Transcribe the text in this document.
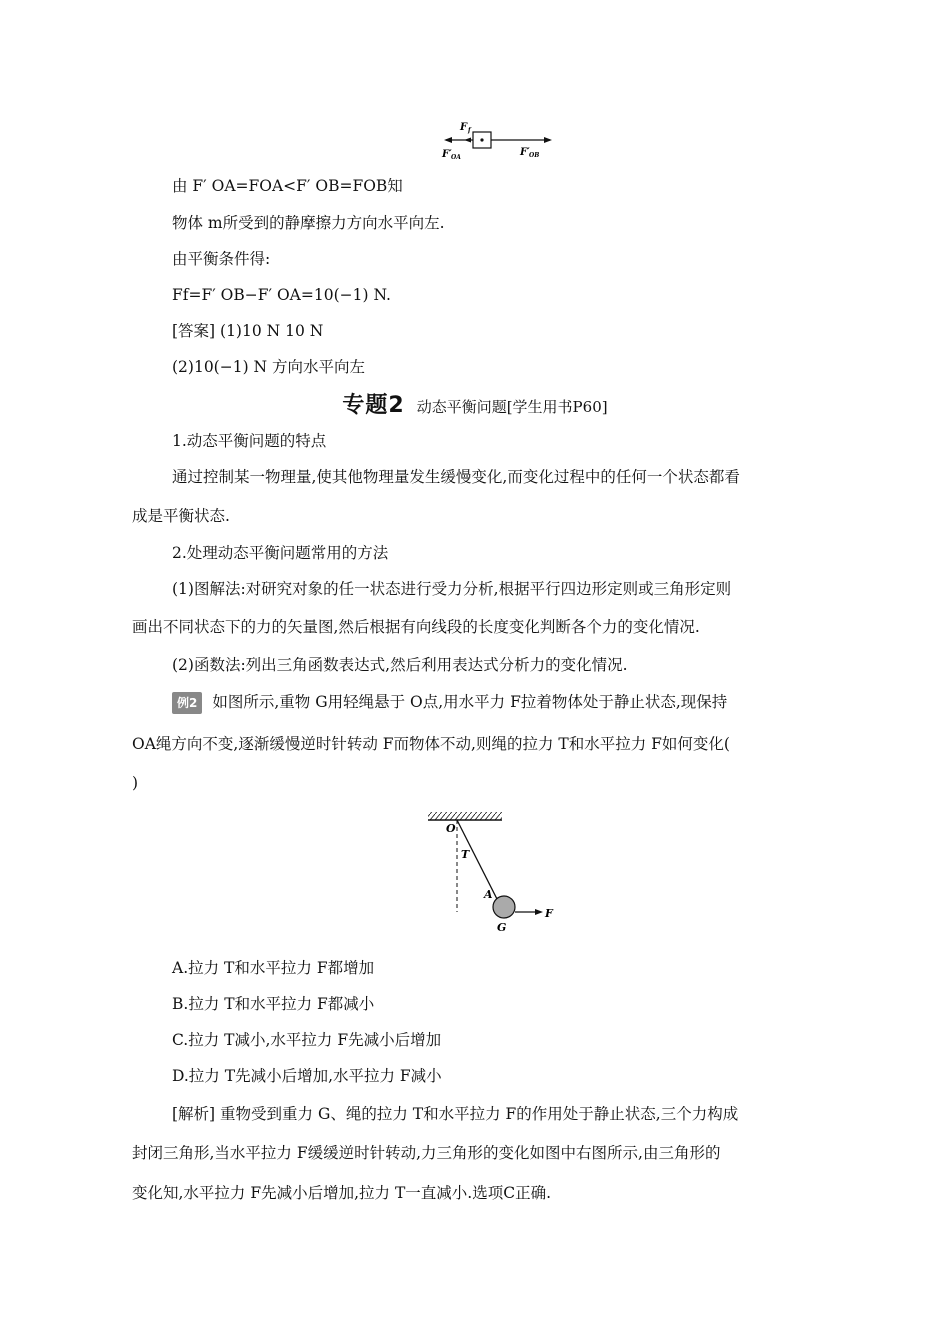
F f
F′ OA	F′ OB
由 F′ OA=FOA<F′ OB=FOB知
物体 m所受到的静摩擦力方向水平向左.
由平衡条件得:
Ff=F′ OB−F′ OA=10(−1) N.
[答案] (1)10 N 10 N
(2)10(−1) N 方向水平向左
专题2 动态平衡问题[学生用书P60]
1.动态平衡问题的特点
通过控制某一物理量,使其他物理量发生缓慢变化,而变化过程中的任何一个状态都看
成是平衡状态.
2.处理动态平衡问题常用的方法
(1)图解法:对研究对象的任一状态进行受力分析,根据平行四边形定则或三角形定则
画出不同状态下的力的矢量图,然后根据有向线段的长度变化判断各个力的变化情况.
(2)函数法:列出三角函数表达式,然后利用表达式分析力的变化情况.
例2 如图所示,重物 G用轻绳悬于 O点,用水平力 F拉着物体处于静止状态,现保持
OA绳方向不变,逐渐缓慢逆时针转动 F而物体不动,则绳的拉力 T和水平拉力 F如何变化(
)
O
T
A
G
F
A.拉力 T和水平拉力 F都增加
B.拉力 T和水平拉力 F都减小
C.拉力 T减小,水平拉力 F先减小后增加
D.拉力 T先减小后增加,水平拉力 F减小
[解析] 重物受到重力 G、绳的拉力 T和水平拉力 F的作用处于静止状态,三个力构成
封闭三角形,当水平拉力 F缓缓逆时针转动,力三角形的变化如图中右图所示,由三角形的
变化知,水平拉力 F先减小后增加,拉力 T一直减小.选项C正确.
